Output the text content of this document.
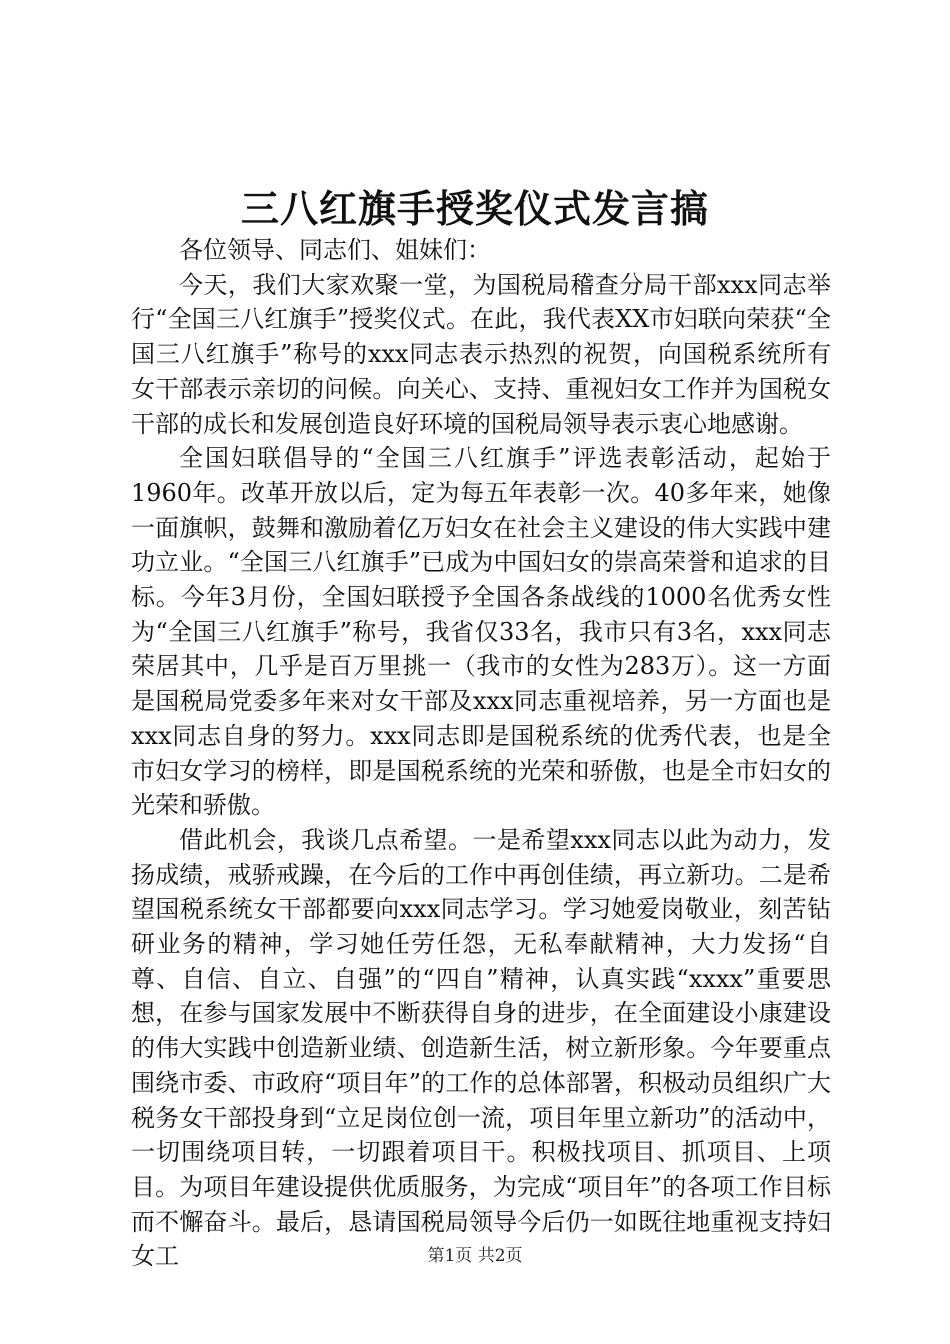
三八红旗手授奖仪式发言搞

各位领导、同志们、姐妹们：

今天，我们大家欢聚一堂，为国税局稽查分局干部xxx同志举行“全国三八红旗手”授奖仪式。在此，我代表XX市妇联向荣获“全国三八红旗手”称号的xxx同志表示热烈的祝贺，向国税系统所有女干部表示亲切的问候。向关心、支持、重视妇女工作并为国税女干部的成长和发展创造良好环境的国税局领导表示衷心地感谢。

全国妇联倡导的“全国三八红旗手”评选表彰活动，起始于1960年。改革开放以后，定为每五年表彰一次。40多年来，她像一面旗帜，鼓舞和激励着亿万妇女在社会主义建设的伟大实践中建功立业。“全国三八红旗手”已成为中国妇女的崇高荣誉和追求的目标。今年3月份，全国妇联授予全国各条战线的1000名优秀女性为“全国三八红旗手”称号，我省仅33名，我市只有3名，xxx同志荣居其中，几乎是百万里挑一（我市的女性为283万）。这一方面是国税局党委多年来对女干部及xxx同志重视培养，另一方面也是xxx同志自身的努力。xxx同志即是国税系统的优秀代表，也是全市妇女学习的榜样，即是国税系统的光荣和骄傲，也是全市妇女的光荣和骄傲。

借此机会，我谈几点希望。一是希望xxx同志以此为动力，发扬成绩，戒骄戒躁，在今后的工作中再创佳绩，再立新功。二是希望国税系统女干部都要向xxx同志学习。学习她爱岗敬业，刻苦钻研业务的精神，学习她任劳任怨，无私奉献精神，大力发扬“自尊、自信、自立、自强”的“四自”精神，认真实践“xxxx”重要思想，在参与国家发展中不断获得自身的进步，在全面建设小康建设的伟大实践中创造新业绩、创造新生活，树立新形象。今年要重点围绕市委、市政府“项目年”的工作的总体部署，积极动员组织广大税务女干部投身到“立足岗位创一流，项目年里立新功”的活动中，一切围绕项目转，一切跟着项目干。积极找项目、抓项目、上项目。为项目年建设提供优质服务，为完成“项目年”的各项工作目标而不懈奋斗。最后，恳请国税局领导今后仍一如既往地重视支持妇女工	第1页 共2页
